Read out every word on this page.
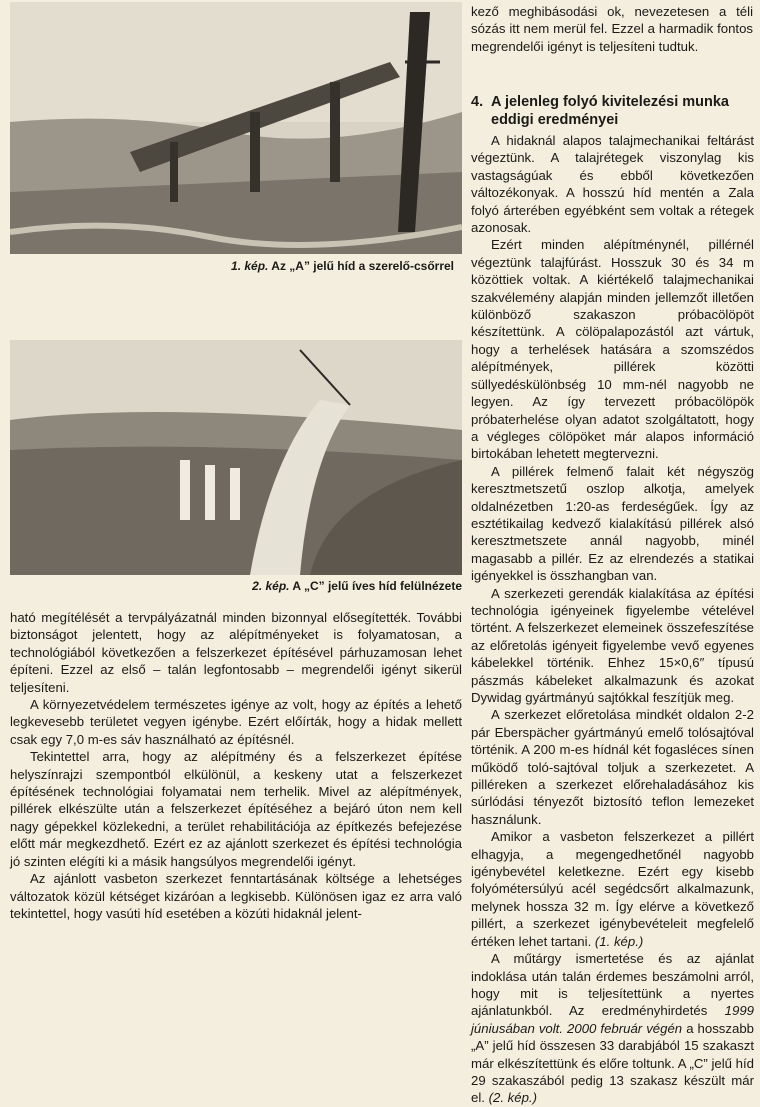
1. kép. Az „A” jelű híd a szerelő-csőrrel
2. kép. A „C” jelű íves híd felülnézete

ható megítélését a tervpályázatnál minden bizonnyal elősegítették. További biztonságot jelentett, hogy az alépítményeket is folyamatosan, a technológiából következően a felszerkezet építésével párhuzamosan lehet építeni. Ezzel az első – talán legfontosabb – megrendelői igényt sikerül teljesíteni.

A környezetvédelem természetes igénye az volt, hogy az építés a lehető legkevesebb területet vegyen igénybe. Ezért előírták, hogy a hidak mellett csak egy 7,0 m-es sáv használható az építésnél.

Tekintettel arra, hogy az alépítmény és a felszerkezet építése helyszínrajzi szempontból elkülönül, a keskeny utat a felszerkezet építésének technológiai folyamatai nem terhelik. Mivel az alépítmények, pillérek elkészülte után a felszerkezet építéséhez a bejáró úton nem kell nagy gépekkel közlekedni, a terület rehabilitációja az építkezés befejezése előtt már megkezdhető. Ezért ez az ajánlott szerkezet és építési technológia jó szinten elégíti ki a másik hangsúlyos megrendelői igényt.

Az ajánlott vasbeton szerkezet fenntartásának költsége a lehetséges változatok közül kétséget kizáróan a legkisebb. Különösen igaz ez arra való tekintettel, hogy vasúti híd esetében a közúti hidaknál jelent-

kező meghibásodási ok, nevezetesen a téli sózás itt nem merül fel. Ezzel a harmadik fontos megrendelői igényt is teljesíteni tudtuk.

4. A jelenleg folyó kivitelezési munka
eddigi eredményei

A hidaknál alapos talajmechanikai feltárást végeztünk. A talajrétegek viszonylag kis vastagságúak és ebből következően változékonyak. A hosszú híd mentén a Zala folyó árterében egyébként sem voltak a rétegek azonosak.

Ezért minden alépítménynél, pillérnél végeztünk talajfúrást. Hosszuk 30 és 34 m közöttiek voltak. A kiértékelő talajmechanikai szakvélemény alapján minden jellemzőt illetően különböző szakaszon próbacölöpöt készítettünk. A cölöpalapozástól azt vártuk, hogy a terhelések hatására a szomszédos alépítmények, pillérek közötti süllyedéskülönbség 10 mm-nél nagyobb ne legyen. Az így tervezett próbacölöpök próbaterhelése olyan adatot szolgáltatott, hogy a végleges cölöpöket már alapos információ birtokában lehetett megtervezni.

A pillérek felmenő falait két négyszög keresztmetszetű oszlop alkotja, amelyek oldalnézetben 1:20-as ferdeségűek. Így az esztétikailag kedvező kialakítású pillérek alsó keresztmetszete annál nagyobb, minél magasabb a pillér. Ez az elrendezés a statikai igényekkel is összhangban van.

A szerkezeti gerendák kialakítása az építési technológia igényeinek figyelembe vételével történt. A felszerkezet elemeinek összefeszítése az előretolás igényeit figyelembe vevő egyenes kábelekkel történik. Ehhez 15×0,6″ típusú pászmás kábeleket alkalmazunk és azokat Dywidag gyártmányú sajtókkal feszítjük meg.

A szerkezet előretolása mindkét oldalon 2-2 pár Eberspächer gyártmányú emelő tolósajtóval történik. A 200 m-es hídnál két fogasléces sínen működő toló-sajtóval toljuk a szerkezetet. A pilléreken a szerkezet előrehaladásához kis súrlódási tényezőt biztosító teflon lemezeket használunk.

Amikor a vasbeton felszerkezet a pillért elhagyja, a megengedhetőnél nagyobb igénybevétel keletkezne. Ezért egy kisebb folyómétersúlyú acél segédcsőrt alkalmazunk, melynek hossza 32 m. Így elérve a következő pillért, a szerkezet igénybevételeit megfelelő értéken lehet tartani. (1. kép.)

A műtárgy ismertetése és az ajánlat indoklása után talán érdemes beszámolni arról, hogy mit is teljesítettünk a nyertes ajánlatunkból. Az eredményhirdetés 1999 júniusában volt. 2000 február végén a hosszabb „A” jelű híd összesen 33 darabjából 15 szakaszt már elkészítettünk és előre toltunk. A „C” jelű híd 29 szakaszából pedig 13 szakasz készült már el. (2. kép.)
